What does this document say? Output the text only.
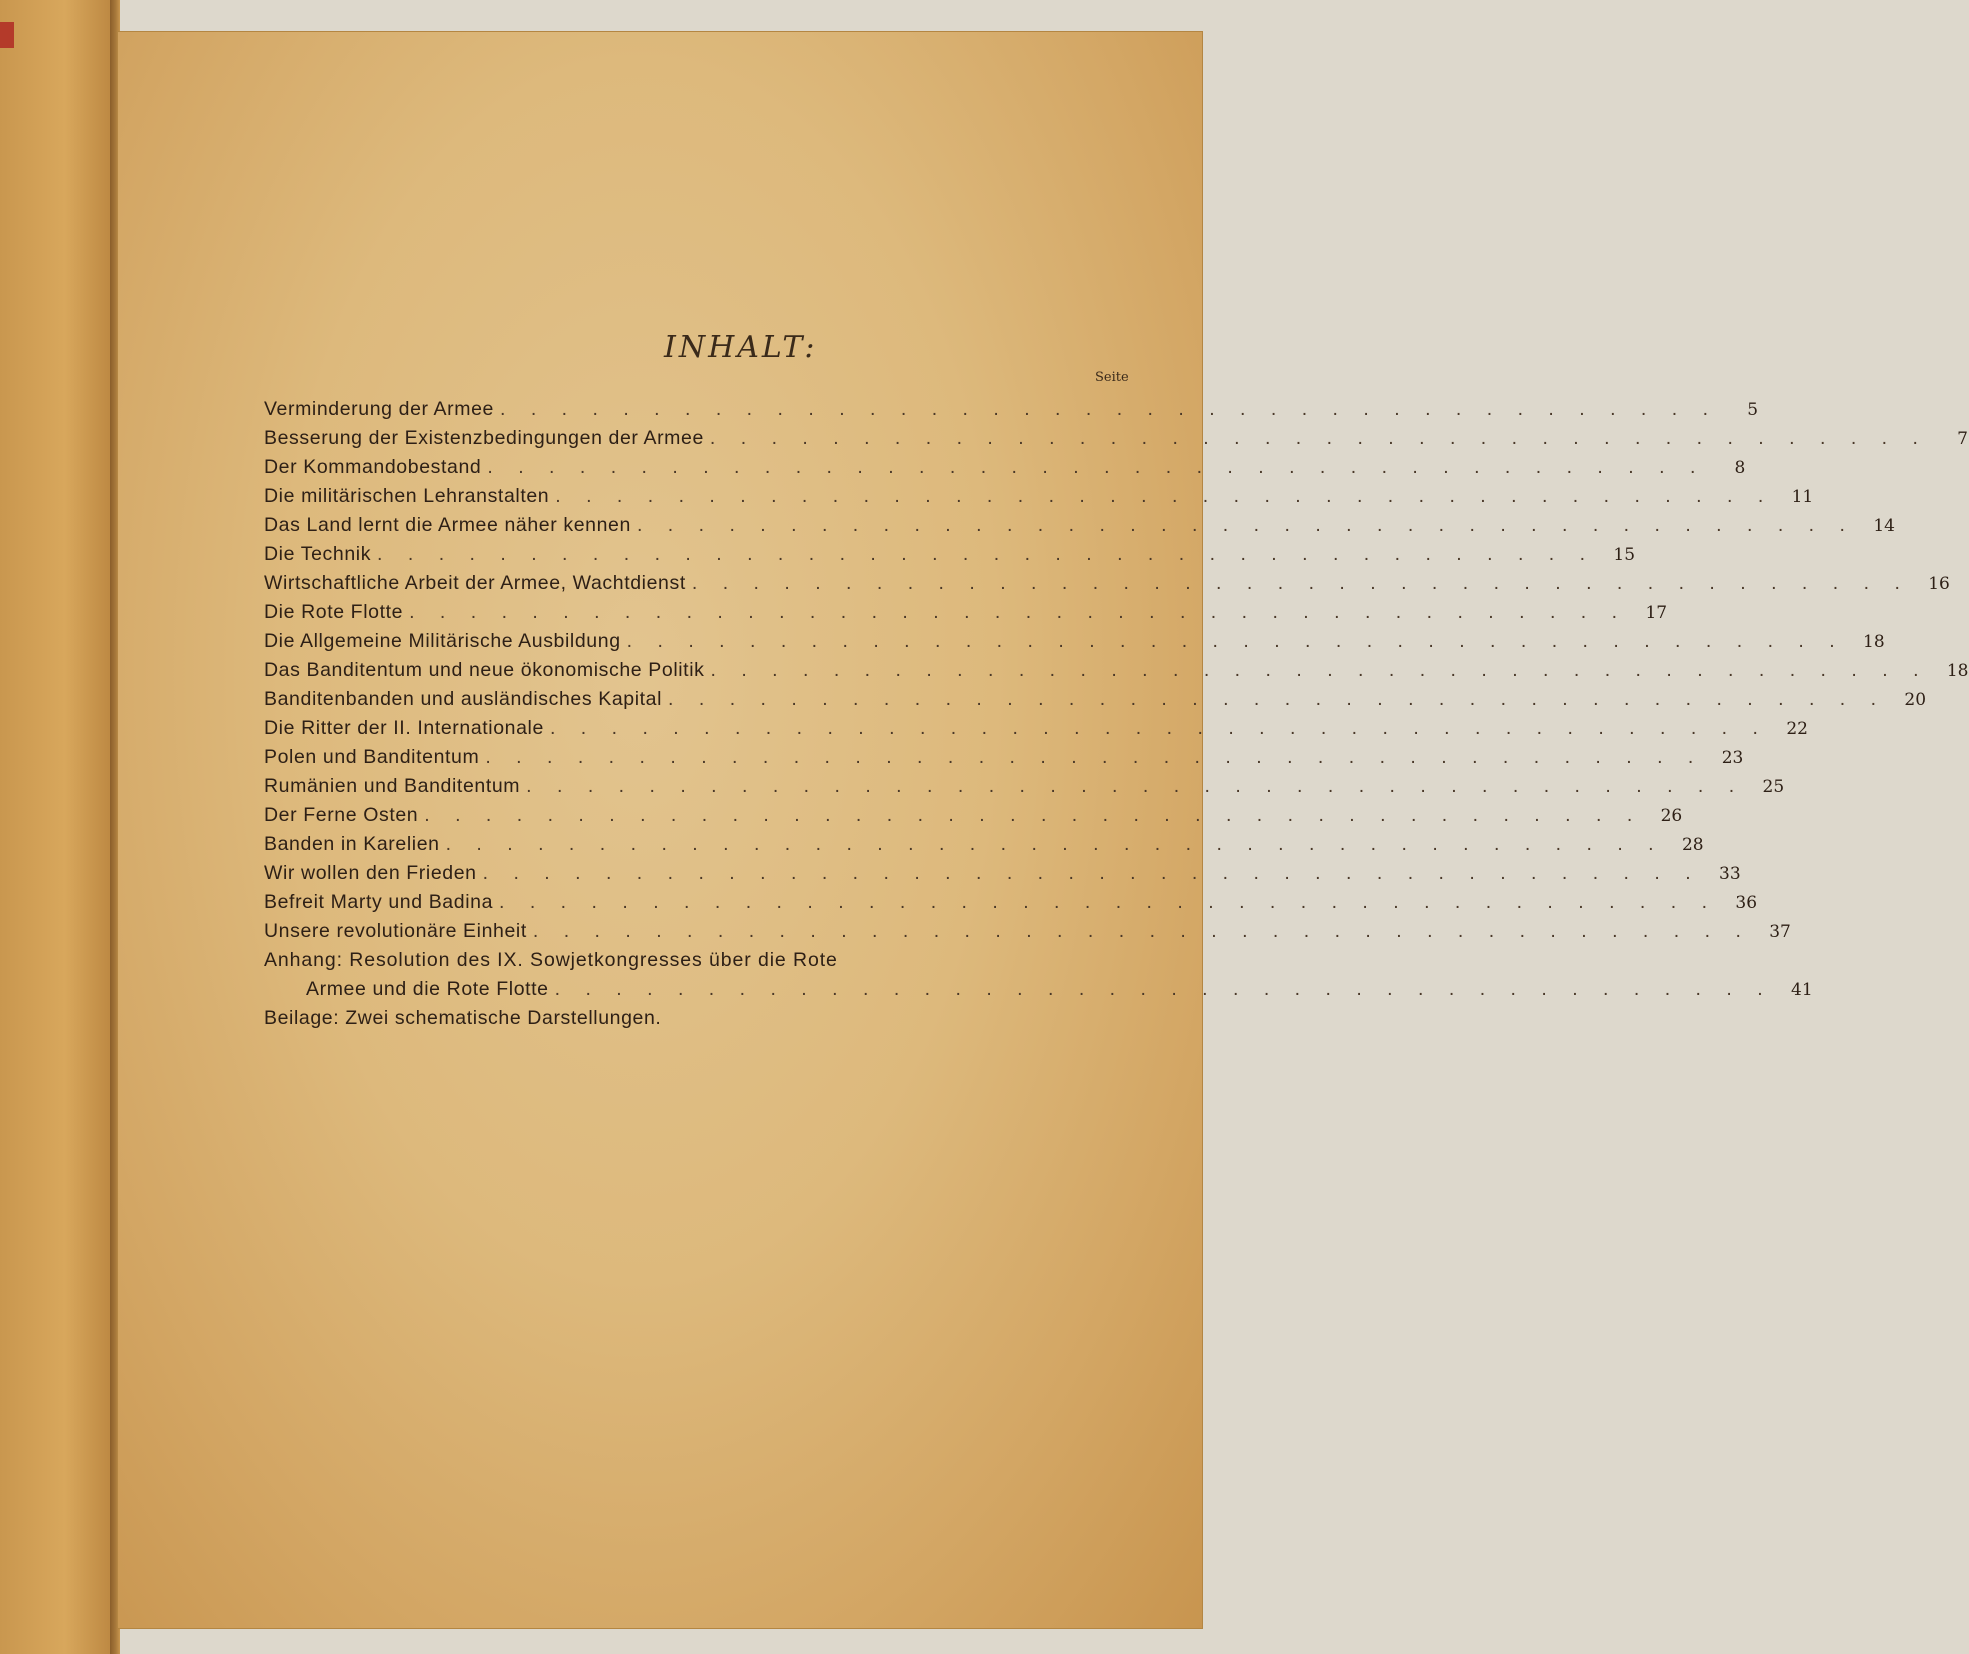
INHALT:
Seite
Verminderung der Armee . . . . . . . . . . . . . . . . . . . . . . . . . . . . . . . . . . . . . . . .	5
Besserung der Existenzbedingungen der Armee . . . . . . . . . . . . . . . . . . . . . . . . . . . . . . . . . . . . . . . .	7
Der Kommandobestand . . . . . . . . . . . . . . . . . . . . . . . . . . . . . . . . . . . . . . . .	8
Die militärischen Lehranstalten . . . . . . . . . . . . . . . . . . . . . . . . . . . . . . . . . . . . . . . .	11
Das Land lernt die Armee näher kennen . . . . . . . . . . . . . . . . . . . . . . . . . . . . . . . . . . . . . . . .	14
Die Technik . . . . . . . . . . . . . . . . . . . . . . . . . . . . . . . . . . . . . . . .	15
Wirtschaftliche Arbeit der Armee, Wachtdienst . . . . . . . . . . . . . . . . . . . . . . . . . . . . . . . . . . . . . . . .	16
Die Rote Flotte . . . . . . . . . . . . . . . . . . . . . . . . . . . . . . . . . . . . . . . .	17
Die Allgemeine Militärische Ausbildung . . . . . . . . . . . . . . . . . . . . . . . . . . . . . . . . . . . . . . . .	18
Das Banditentum und neue ökonomische Politik . . . . . . . . . . . . . . . . . . . . . . . . . . . . . . . . . . . . . . . .	18
Banditenbanden und ausländisches Kapital . . . . . . . . . . . . . . . . . . . . . . . . . . . . . . . . . . . . . . . .	20
Die Ritter der II. Internationale . . . . . . . . . . . . . . . . . . . . . . . . . . . . . . . . . . . . . . . .	22
Polen und Banditentum . . . . . . . . . . . . . . . . . . . . . . . . . . . . . . . . . . . . . . . .	23
Rumänien und Banditentum . . . . . . . . . . . . . . . . . . . . . . . . . . . . . . . . . . . . . . . .	25
Der Ferne Osten . . . . . . . . . . . . . . . . . . . . . . . . . . . . . . . . . . . . . . . .	26
Banden in Karelien . . . . . . . . . . . . . . . . . . . . . . . . . . . . . . . . . . . . . . . .	28
Wir wollen den Frieden . . . . . . . . . . . . . . . . . . . . . . . . . . . . . . . . . . . . . . . .	33
Befreit Marty und Badina . . . . . . . . . . . . . . . . . . . . . . . . . . . . . . . . . . . . . . . .	36
Unsere revolutionäre Einheit . . . . . . . . . . . . . . . . . . . . . . . . . . . . . . . . . . . . . . . .	37
Anhang: Resolution des IX. Sowjetkongresses über die Rote
Armee und die Rote Flotte . . . . . . . . . . . . . . . . . . . . . . . . . . . . . . . . . . . . . . . .	41
Beilage: Zwei schematische Darstellungen.
